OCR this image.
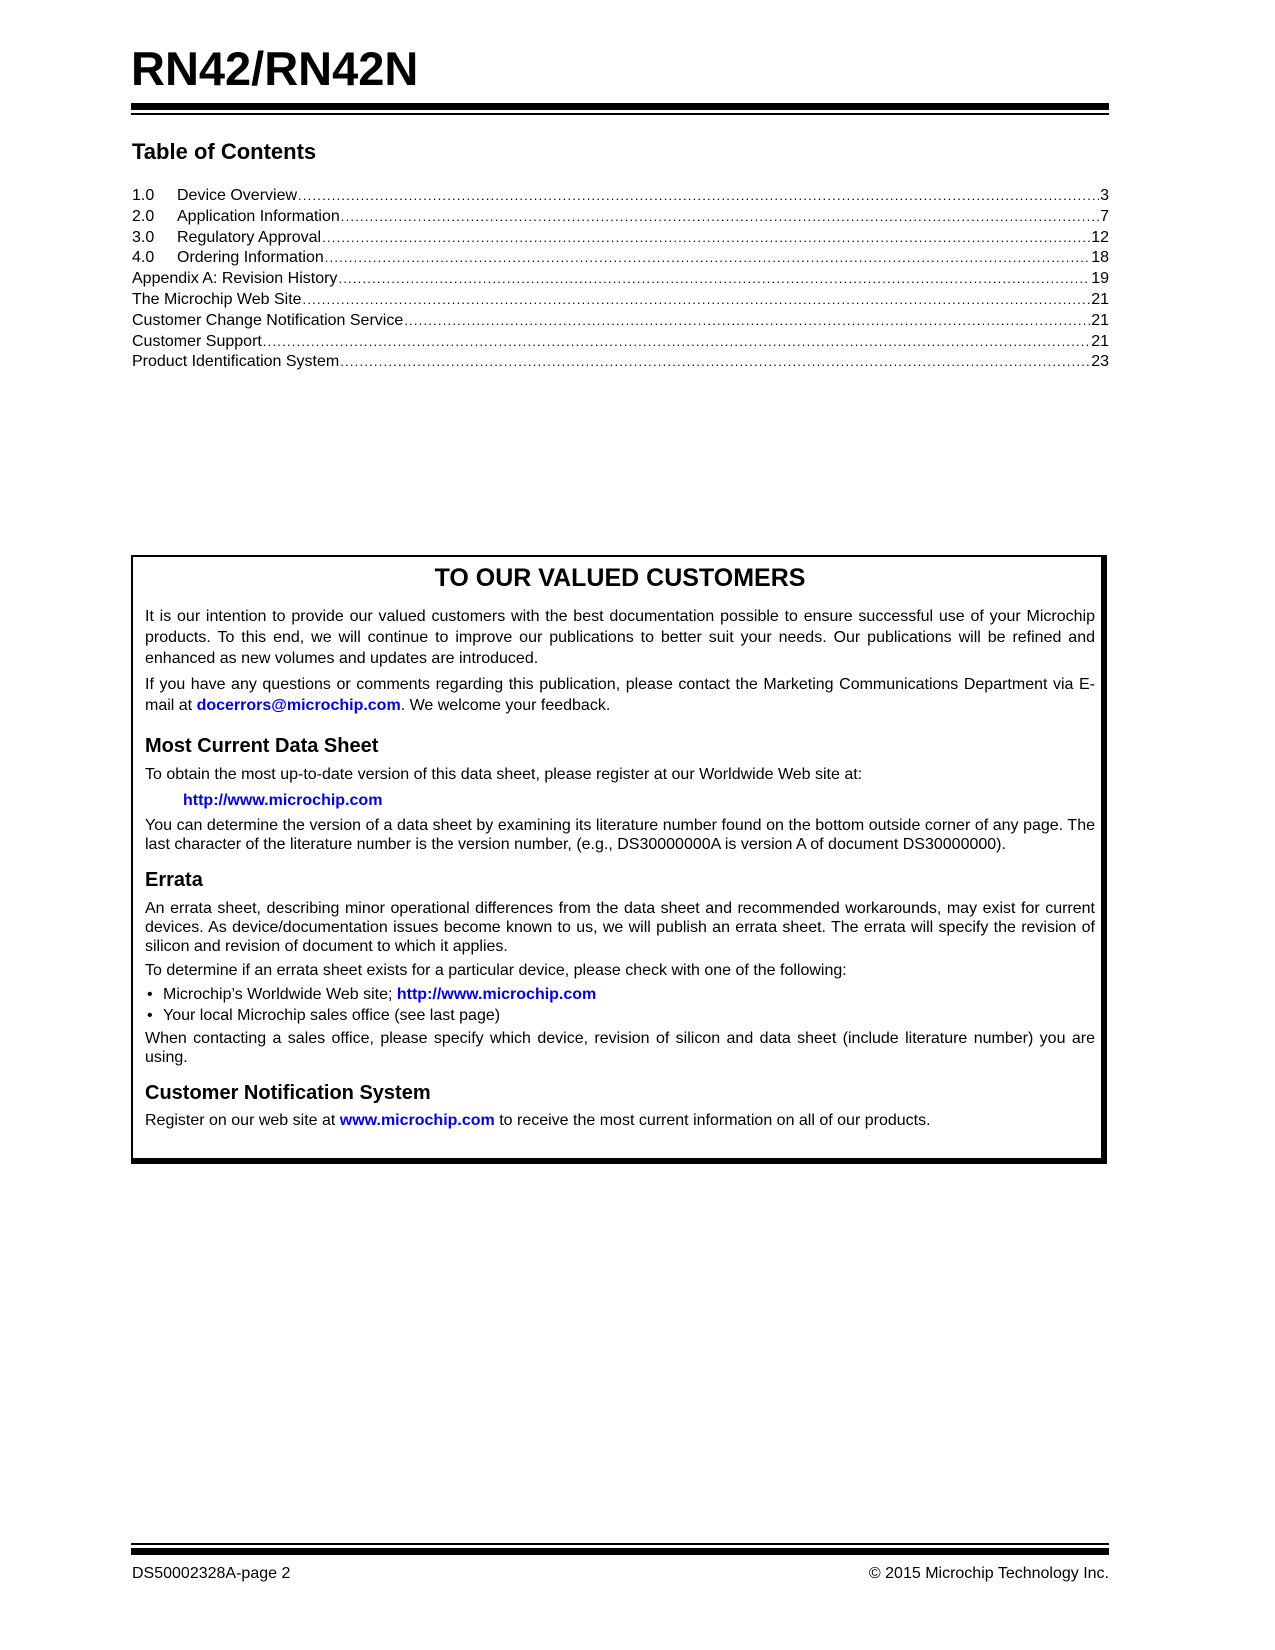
RN42/RN42N
Table of Contents
1.0	Device Overview .....	3
2.0	Application Information .....	7
3.0	Regulatory Approval .....	12
4.0	Ordering Information .....	18
Appendix A: Revision History .....	19
The Microchip Web Site .....	21
Customer Change Notification Service .....	21
Customer Support .....	21
Product Identification System .....	23
TO OUR VALUED CUSTOMERS

It is our intention to provide our valued customers with the best documentation possible to ensure successful use of your Microchip products. To this end, we will continue to improve our publications to better suit your needs. Our publications will be refined and enhanced as new volumes and updates are introduced.

If you have any questions or comments regarding this publication, please contact the Marketing Communications Department via E-mail at docerrors@microchip.com. We welcome your feedback.

Most Current Data Sheet

To obtain the most up-to-date version of this data sheet, please register at our Worldwide Web site at:

http://www.microchip.com

You can determine the version of a data sheet by examining its literature number found on the bottom outside corner of any page. The last character of the literature number is the version number, (e.g., DS30000000A is version A of document DS30000000).

Errata

An errata sheet, describing minor operational differences from the data sheet and recommended workarounds, may exist for current devices. As device/documentation issues become known to us, we will publish an errata sheet. The errata will specify the revision of silicon and revision of document to which it applies.

To determine if an errata sheet exists for a particular device, please check with one of the following:

• Microchip’s Worldwide Web site; http://www.microchip.com
• Your local Microchip sales office (see last page)

When contacting a sales office, please specify which device, revision of silicon and data sheet (include literature number) you are using.

Customer Notification System

Register on our web site at www.microchip.com to receive the most current information on all of our products.

DS50002328A-page 2	© 2015 Microchip Technology Inc.
